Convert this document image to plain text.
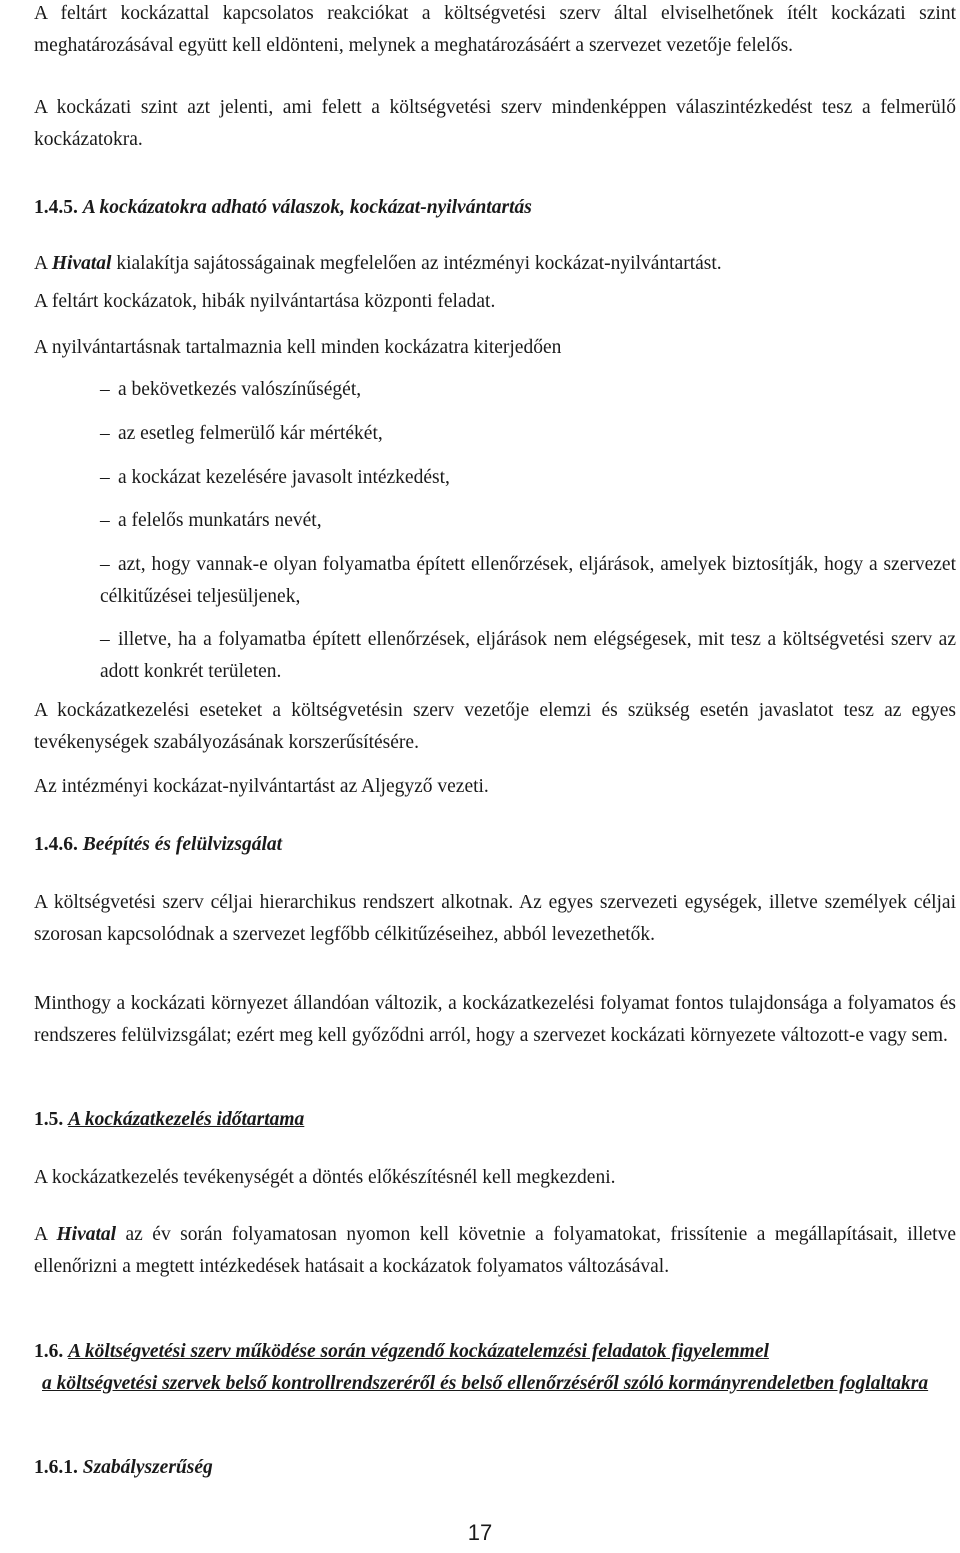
A feltárt kockázattal kapcsolatos reakciókat a költségvetési szerv által elviselhetőnek ítélt kockázati szint meghatározásával együtt kell eldönteni, melynek a meghatározásáért a szervezet vezetője felelős.

A kockázati szint azt jelenti, ami felett a költségvetési szerv mindenképpen válaszintézkedést tesz a felmerülő kockázatokra.

1.4.5. A kockázatokra adható válaszok, kockázat-nyilvántartás

A Hivatal kialakítja sajátosságainak megfelelően az intézményi kockázat-nyilvántartást.

A feltárt kockázatok, hibák nyilvántartása központi feladat.

A nyilvántartásnak tartalmaznia kell minden kockázatra kiterjedően

– a bekövetkezés valószínűségét,
– az esetleg felmerülő kár mértékét,
– a kockázat kezelésére javasolt intézkedést,
– a felelős munkatárs nevét,
– azt, hogy vannak-e olyan folyamatba épített ellenőrzések, eljárások, amelyek biztosítják, hogy a szervezet célkitűzései teljesüljenek,
– illetve, ha a folyamatba épített ellenőrzések, eljárások nem elégségesek, mit tesz a költségvetési szerv az adott konkrét területen.

A kockázatkezelési eseteket a költségvetésin szerv vezetője elemzi és szükség esetén javaslatot tesz az egyes tevékenységek szabályozásának korszerűsítésére.

Az intézményi kockázat-nyilvántartást az Aljegyző vezeti.

1.4.6. Beépítés és felülvizsgálat

A költségvetési szerv céljai hierarchikus rendszert alkotnak. Az egyes szervezeti egységek, illetve személyek céljai szorosan kapcsolódnak a szervezet legfőbb célkitűzéseihez, abból levezethetők.

Minthogy a kockázati környezet állandóan változik, a kockázatkezelési folyamat fontos tulajdonsága a folyamatos és rendszeres felülvizsgálat; ezért meg kell győződni arról, hogy a szervezet kockázati környezete változott-e vagy sem.

1.5. A kockázatkezelés időtartama

A kockázatkezelés tevékenységét a döntés előkészítésnél kell megkezdeni.

A Hivatal az év során folyamatosan nyomon kell követnie a folyamatokat, frissítenie a megállapításait, illetve ellenőrizni a megtett intézkedések hatásait a kockázatok folyamatos változásával.

1.6. A költségvetési szerv működése során végzendő kockázatelemzési feladatok figyelemmel
a költségvetési szervek belső kontrollrendszeréről és belső ellenőrzéséről szóló kormányrendeletben foglaltakra

1.6.1. Szabályszerűség

17
